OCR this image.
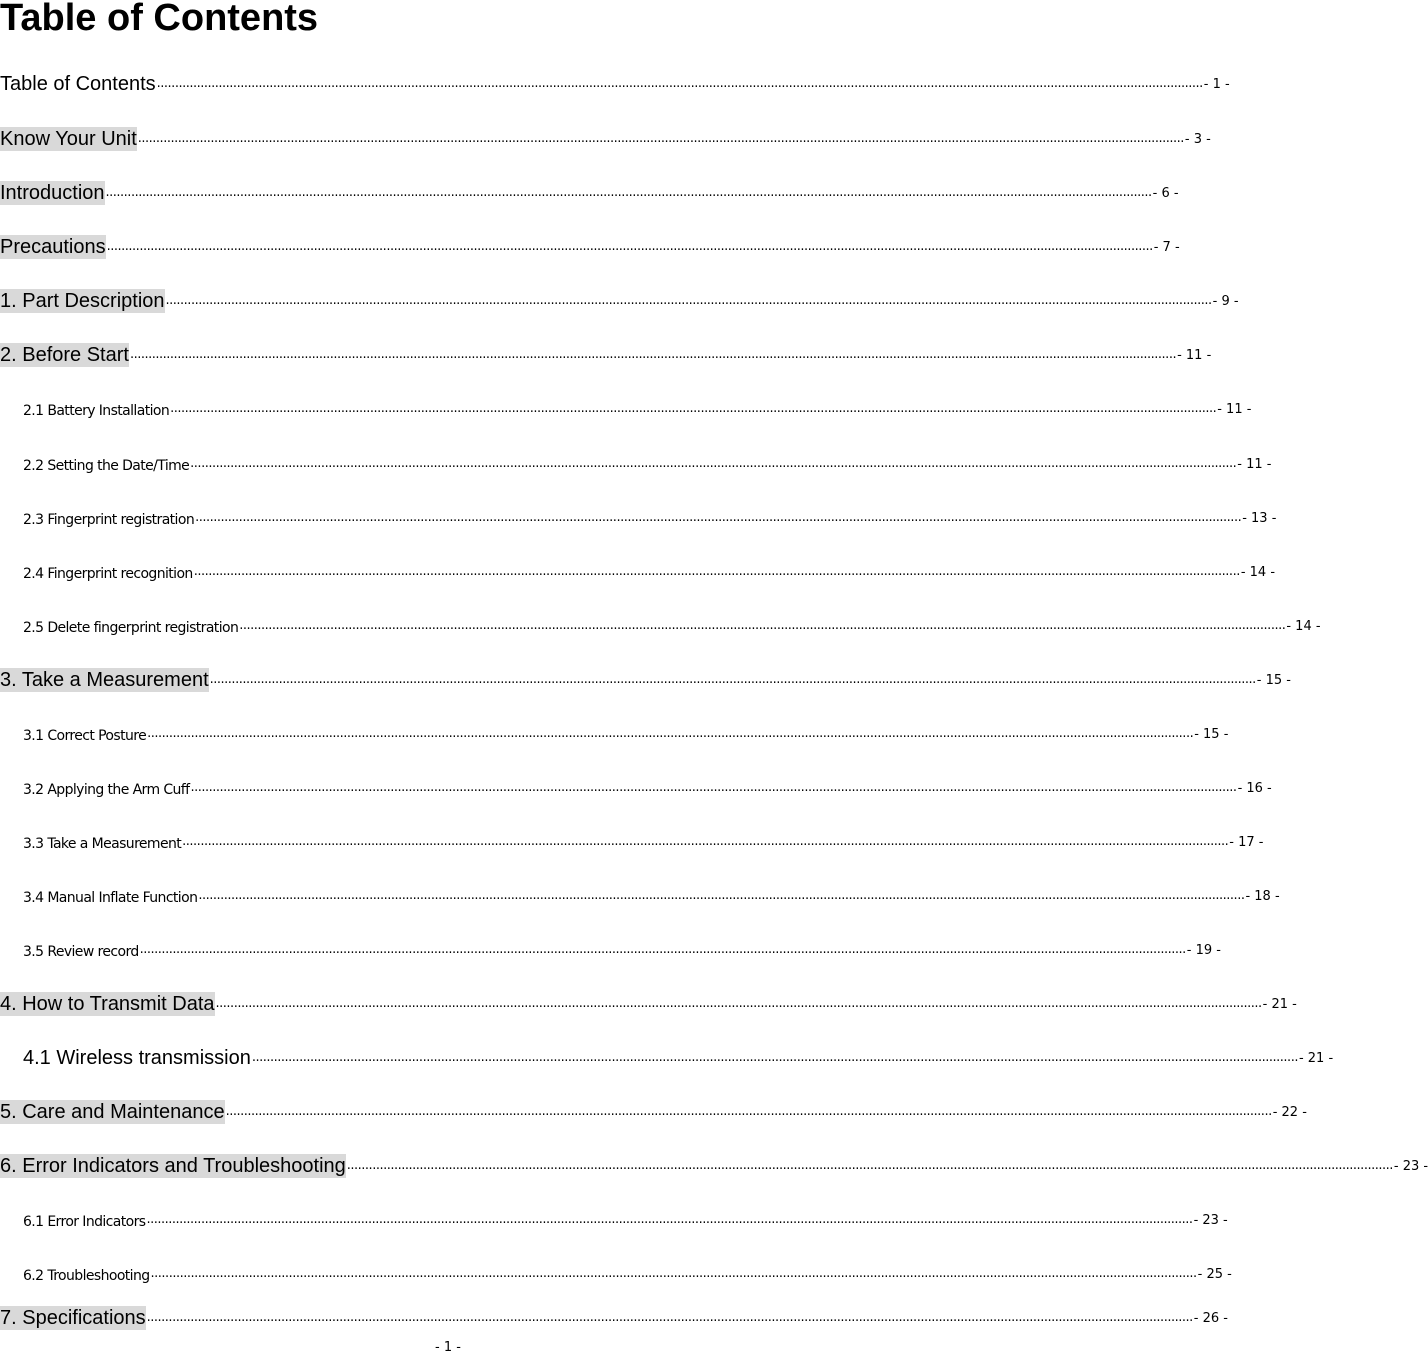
Table of Contents
Table of Contents ................................................................................................................................................................................................................................................................................................ - 1 -
Know Your Unit ................................................................................................................................................................................................................................................................................................ - 3 -
Introduction ................................................................................................................................................................................................................................................................................................ - 6 -
Precautions ................................................................................................................................................................................................................................................................................................ - 7 -
1. Part Description ................................................................................................................................................................................................................................................................................................ - 9 -
2. Before Start ................................................................................................................................................................................................................................................................................................ - 11 -
2.1 Battery Installation ................................................................................................................................................................................................................................................................................................ - 11 -
2.2 Setting the Date/Time ................................................................................................................................................................................................................................................................................................ - 11 -
2.3 Fingerprint registration ................................................................................................................................................................................................................................................................................................ - 13 -
2.4 Fingerprint recognition ................................................................................................................................................................................................................................................................................................ - 14 -
2.5 Delete fingerprint registration ................................................................................................................................................................................................................................................................................................ - 14 -
3. Take a Measurement ................................................................................................................................................................................................................................................................................................ - 15 -
3.1 Correct Posture ................................................................................................................................................................................................................................................................................................ - 15 -
3.2 Applying the Arm Cuff ................................................................................................................................................................................................................................................................................................ - 16 -
3.3 Take a Measurement ................................................................................................................................................................................................................................................................................................ - 17 -
3.4 Manual Inflate Function ................................................................................................................................................................................................................................................................................................ - 18 -
3.5 Review record ................................................................................................................................................................................................................................................................................................ - 19 -
4. How to Transmit Data ................................................................................................................................................................................................................................................................................................ - 21 -
4.1 Wireless transmission ................................................................................................................................................................................................................................................................................................ - 21 -
5. Care and Maintenance ................................................................................................................................................................................................................................................................................................ - 22 -
6. Error Indicators and Troubleshooting ................................................................................................................................................................................................................................................................................................ - 23 -
6.1 Error Indicators ................................................................................................................................................................................................................................................................................................ - 23 -
6.2 Troubleshooting ................................................................................................................................................................................................................................................................................................ - 25 -
7. Specifications ................................................................................................................................................................................................................................................................................................ - 26 -
- 1 -
